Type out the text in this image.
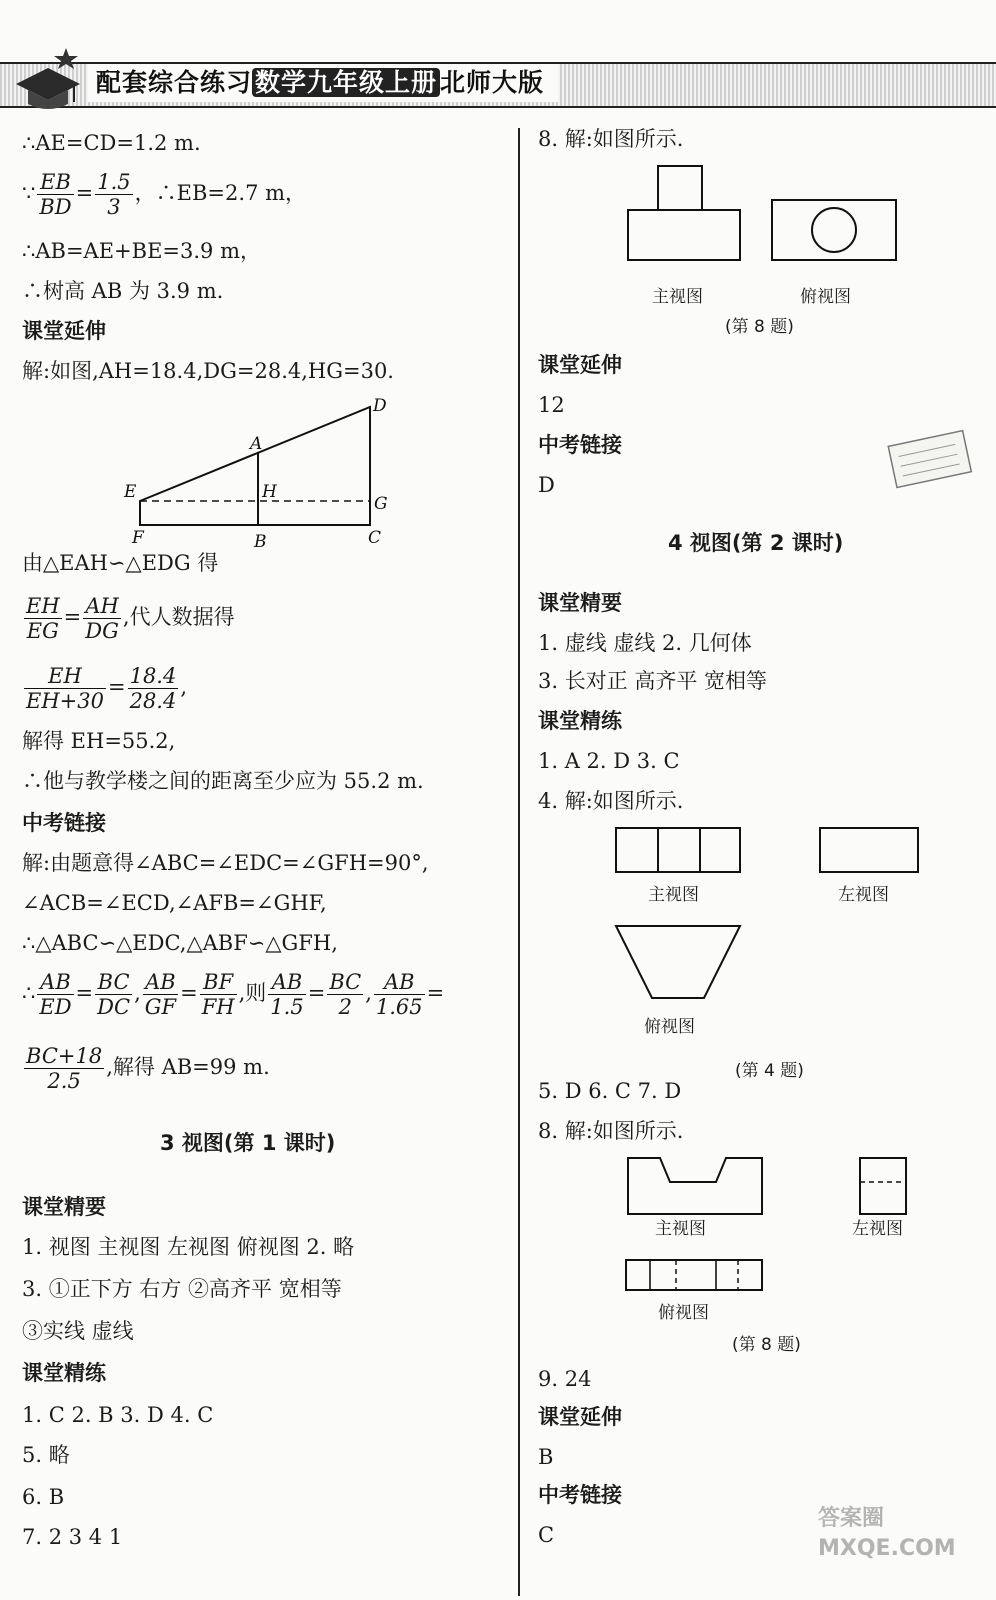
配套综合练习 数学九年级上册 北师大版
∴AE=CD=1.2 m.
∵ $\frac{EB}{BD} = \frac{1.5}{3}$ ，∴EB=2.7 m，
∴AB=AE+BE=3.9 m，
∴树高 AB 为 3.9 m.
课堂延伸
解:如图,AH=18.4,DG=28.4,HG=30.
D
A
E	H
G
F	B	C
由△EAH∽△EDG 得
$\frac{EH}{EG} = \frac{AH}{DG}$ ,代人数据得
$\frac{EH}{EH+30} = \frac{18.4}{28.4}$ ,
解得 EH=55.2,
∴他与教学楼之间的距离至少应为 55.2 m.
中考链接
解:由题意得∠ABC=∠EDC=∠GFH=90°,
∠ACB=∠ECD,∠AFB=∠GHF,
∴△ABC∽△EDC,△ABF∽△GFH,
∴ $\frac{AB}{ED} = \frac{BC}{DC}$ , $\frac{AB}{GF} = \frac{BF}{FH}$ ,则 $\frac{AB}{1.5} = \frac{BC}{2}$ , $\frac{AB}{1.65}$ =
$\frac{BC+18}{2.5}$ ,解得 AB=99 m.
3 视图(第 1 课时)
课堂精要
1. 视图 主视图 左视图 俯视图 2. 略
3. ①正下方 右方 ②高齐平 宽相等
③实线 虚线
课堂精练
1. C 2. B 3. D 4. C
5. 略
6. B
7. 2 3 4 1
8. 解:如图所示.
主视图	俯视图
(第 8 题)
课堂延伸
12
中考链接
D
4 视图(第 2 课时)
课堂精要
1. 虚线 虚线 2. 几何体
3. 长对正 高齐平 宽相等
课堂精练
1. A 2. D 3. C
4. 解:如图所示.
主视图	左视图
俯视图
(第 4 题)
5. D 6. C 7. D
8. 解:如图所示.
主视图	左视图
俯视图
(第 8 题)
9. 24
课堂延伸
B
中考链接
C
答案圈 MXQE.COM
